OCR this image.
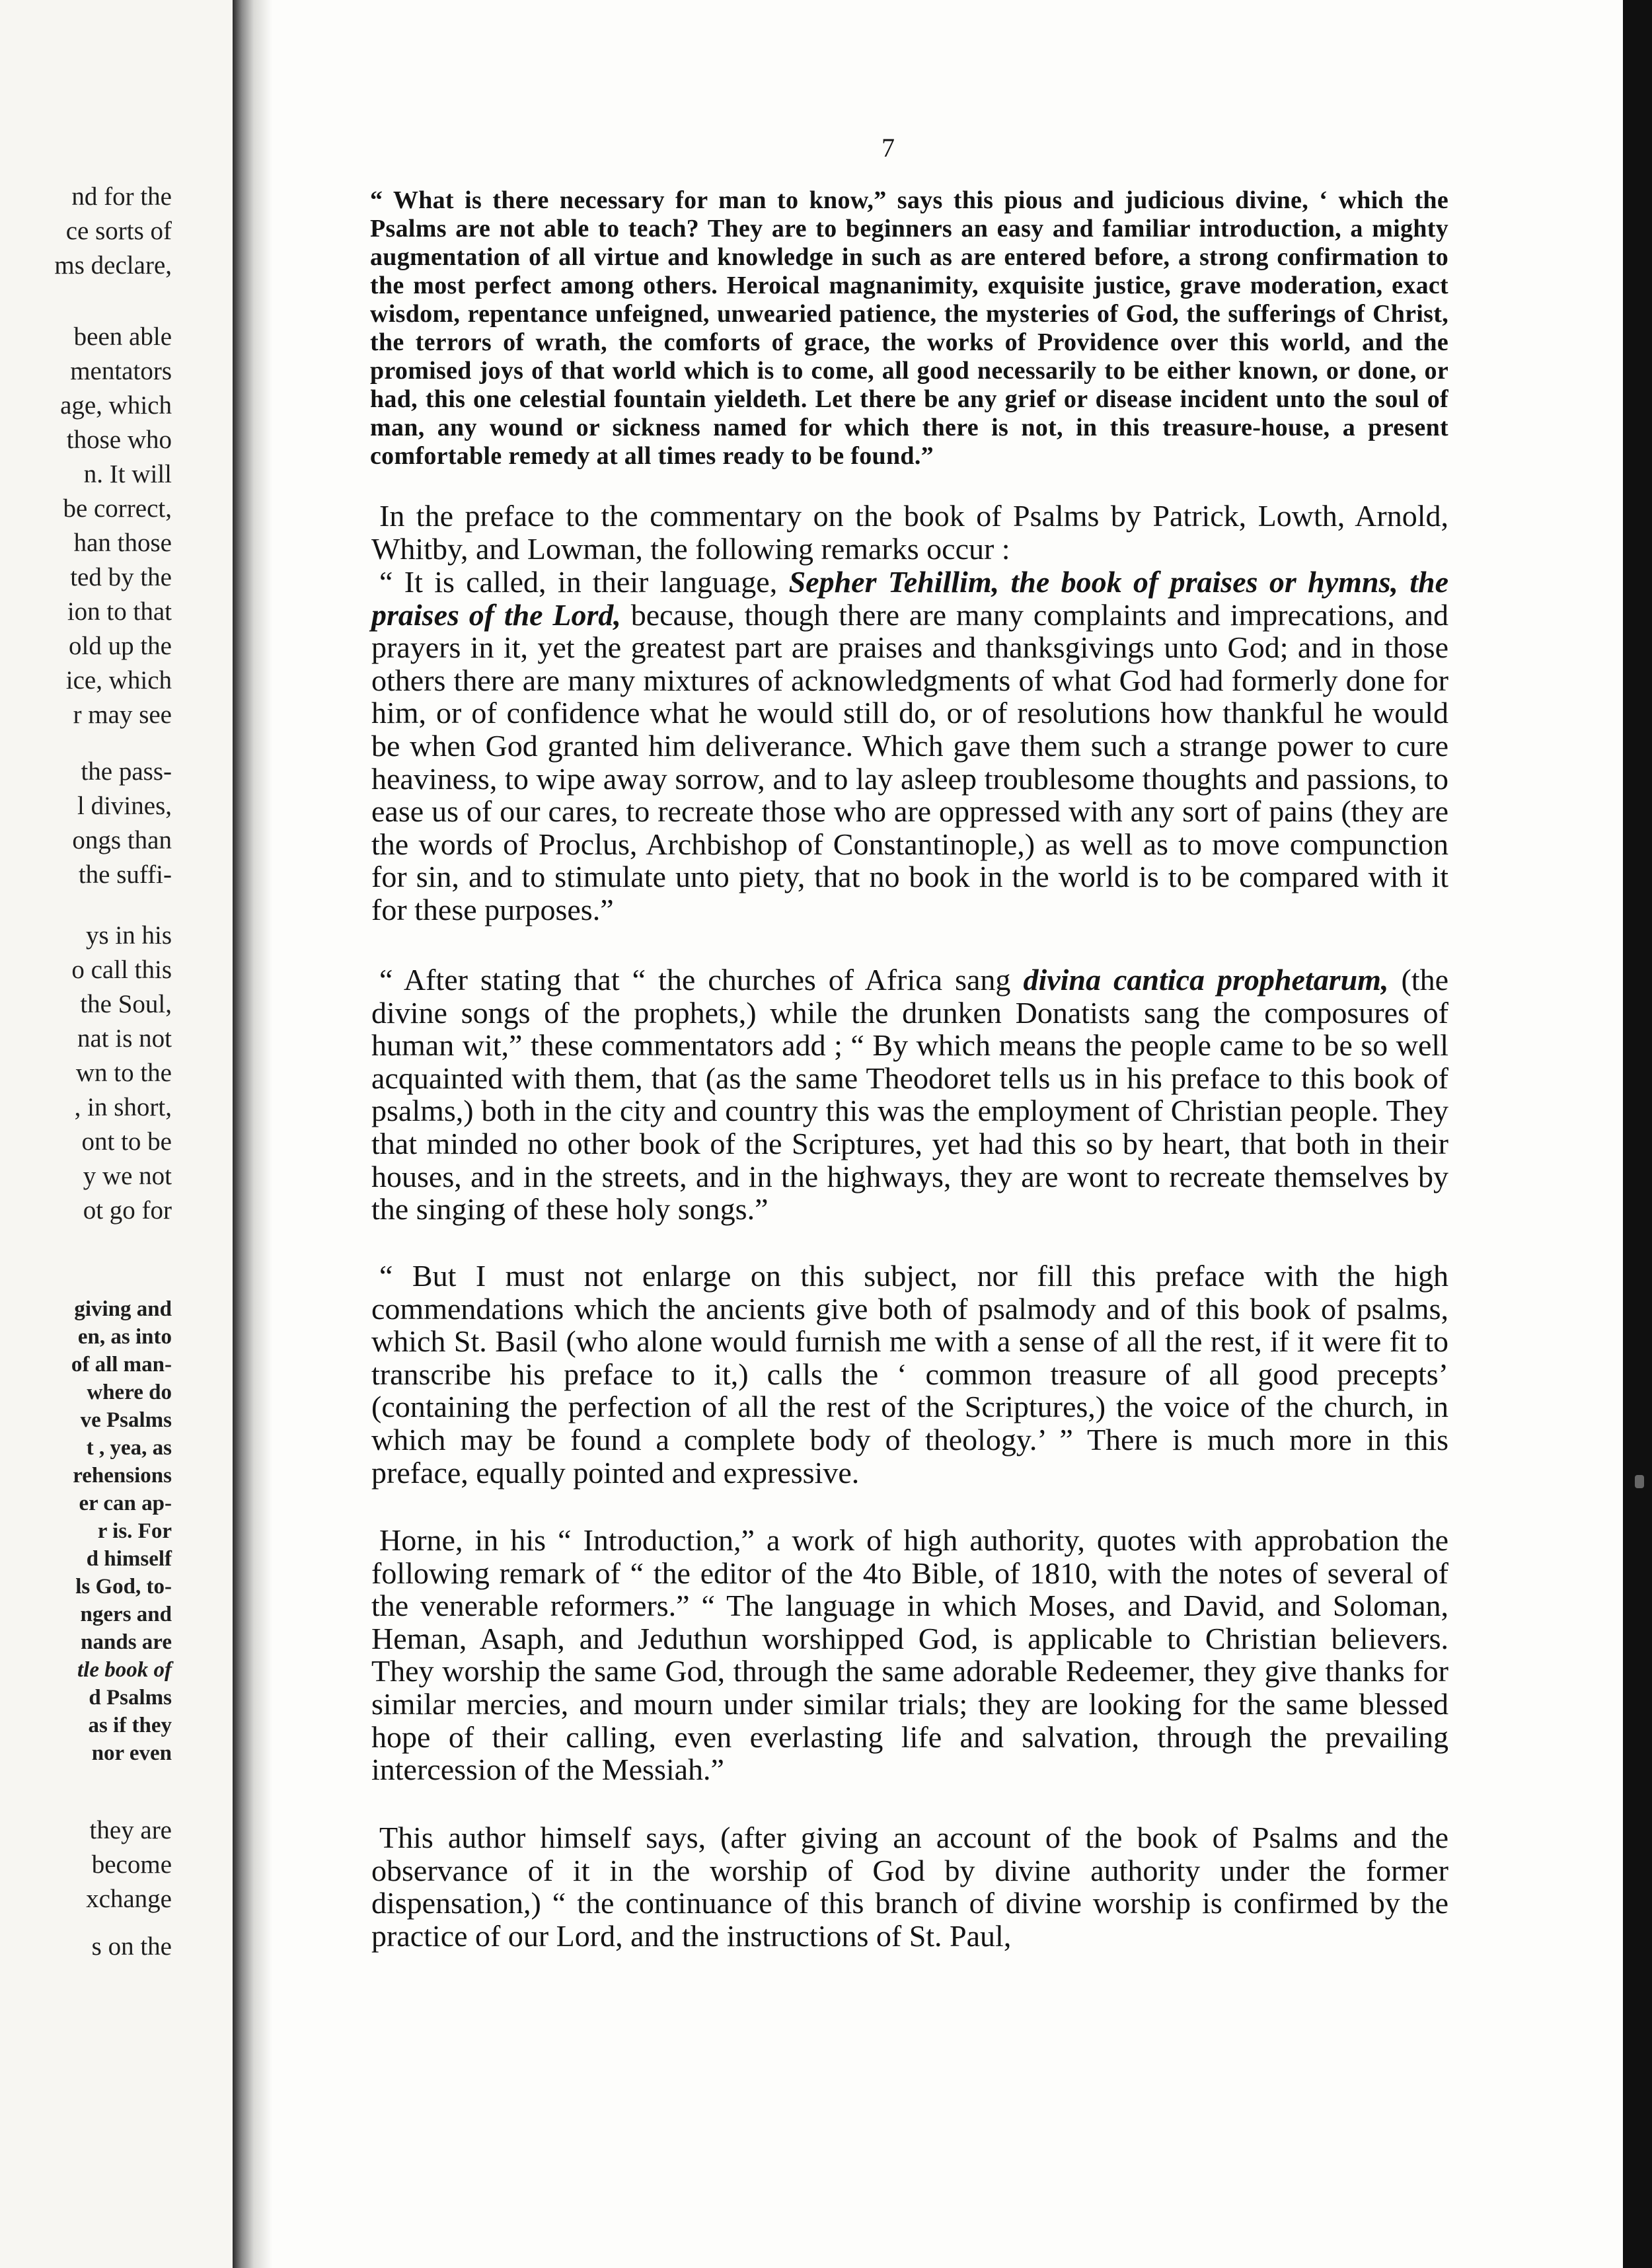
nd for the
ce sorts of
ms declare,
been able
mentators
age, which
those who
n. It will
be correct,
han those
ted by the
ion to that
old up the
ice, which
r may see
the pass-
l divines,
ongs than
the suffi-
ys in his
o call this
the Soul,
nat is not
wn to the
, in short,
ont to be
y we not
ot go for
giving and
en, as into
of all man-
where do
ve Psalms
t , yea, as
rehensions
er can ap-
r is. For
d himself
ls God, to-
ngers and
nands are
tle book of
d Psalms
as if they
nor even
they are
become
xchange
s on the
7
“ What is there necessary for man to know,” says this pious and judicious divine, ‘ which the Psalms are not able to teach? They are to beginners an easy and familiar introduction, a mighty augmentation of all virtue and knowledge in such as are entered before, a strong confirmation to the most perfect among others. Heroical magnanimity, exquisite justice, grave moderation, exact wisdom, repentance unfeigned, unwearied patience, the mysteries of God, the sufferings of Christ, the terrors of wrath, the comforts of grace, the works of Providence over this world, and the promised joys of that world which is to come, all good necessarily to be either known, or done, or had, this one celestial fountain yieldeth. Let there be any grief or disease incident unto the soul of man, any wound or sickness named for which there is not, in this treasure-house, a present comfortable remedy at all times ready to be found.”

In the preface to the commentary on the book of Psalms by Patrick, Lowth, Arnold, Whitby, and Lowman, the following remarks occur :

“ It is called, in their language, Sepher Tehillim, the book of praises or hymns, the praises of the Lord, because, though there are many complaints and imprecations, and prayers in it, yet the greatest part are praises and thanksgivings unto God; and in those others there are many mixtures of acknowledgments of what God had formerly done for him, or of confidence what he would still do, or of resolutions how thankful he would be when God granted him deliverance. Which gave them such a strange power to cure heaviness, to wipe away sorrow, and to lay asleep troublesome thoughts and passions, to ease us of our cares, to recreate those who are oppressed with any sort of pains (they are the words of Proclus, Archbishop of Constantinople,) as well as to move compunction for sin, and to stimulate unto piety, that no book in the world is to be compared with it for these purposes.”

“ After stating that “ the churches of Africa sang divina cantica prophetarum, (the divine songs of the prophets,) while the drunken Donatists sang the composures of human wit,” these commentators add ; “ By which means the people came to be so well acquainted with them, that (as the same Theodoret tells us in his preface to this book of psalms,) both in the city and country this was the employment of Christian people. They that minded no other book of the Scriptures, yet had this so by heart, that both in their houses, and in the streets, and in the highways, they are wont to recreate themselves by the singing of these holy songs.”

“ But I must not enlarge on this subject, nor fill this preface with the high commendations which the ancients give both of psalmody and of this book of psalms, which St. Basil (who alone would furnish me with a sense of all the rest, if it were fit to transcribe his preface to it,) calls the ‘ common treasure of all good precepts’ (containing the perfection of all the rest of the Scriptures,) the voice of the church, in which may be found a complete body of theology.’ ” There is much more in this preface, equally pointed and expressive.

Horne, in his “ Introduction,” a work of high authority, quotes with approbation the following remark of “ the editor of the 4to Bible, of 1810, with the notes of several of the venerable reformers.” “ The language in which Moses, and David, and Soloman, Heman, Asaph, and Jeduthun worshipped God, is applicable to Christian believers. They worship the same God, through the same adorable Redeemer, they give thanks for similar mercies, and mourn under similar trials; they are looking for the same blessed hope of their calling, even everlasting life and salvation, through the prevailing intercession of the Messiah.”

This author himself says, (after giving an account of the book of Psalms and the observance of it in the worship of God by divine authority under the former dispensation,) “ the continuance of this branch of divine worship is confirmed by the practice of our Lord, and the instructions of St. Paul,
